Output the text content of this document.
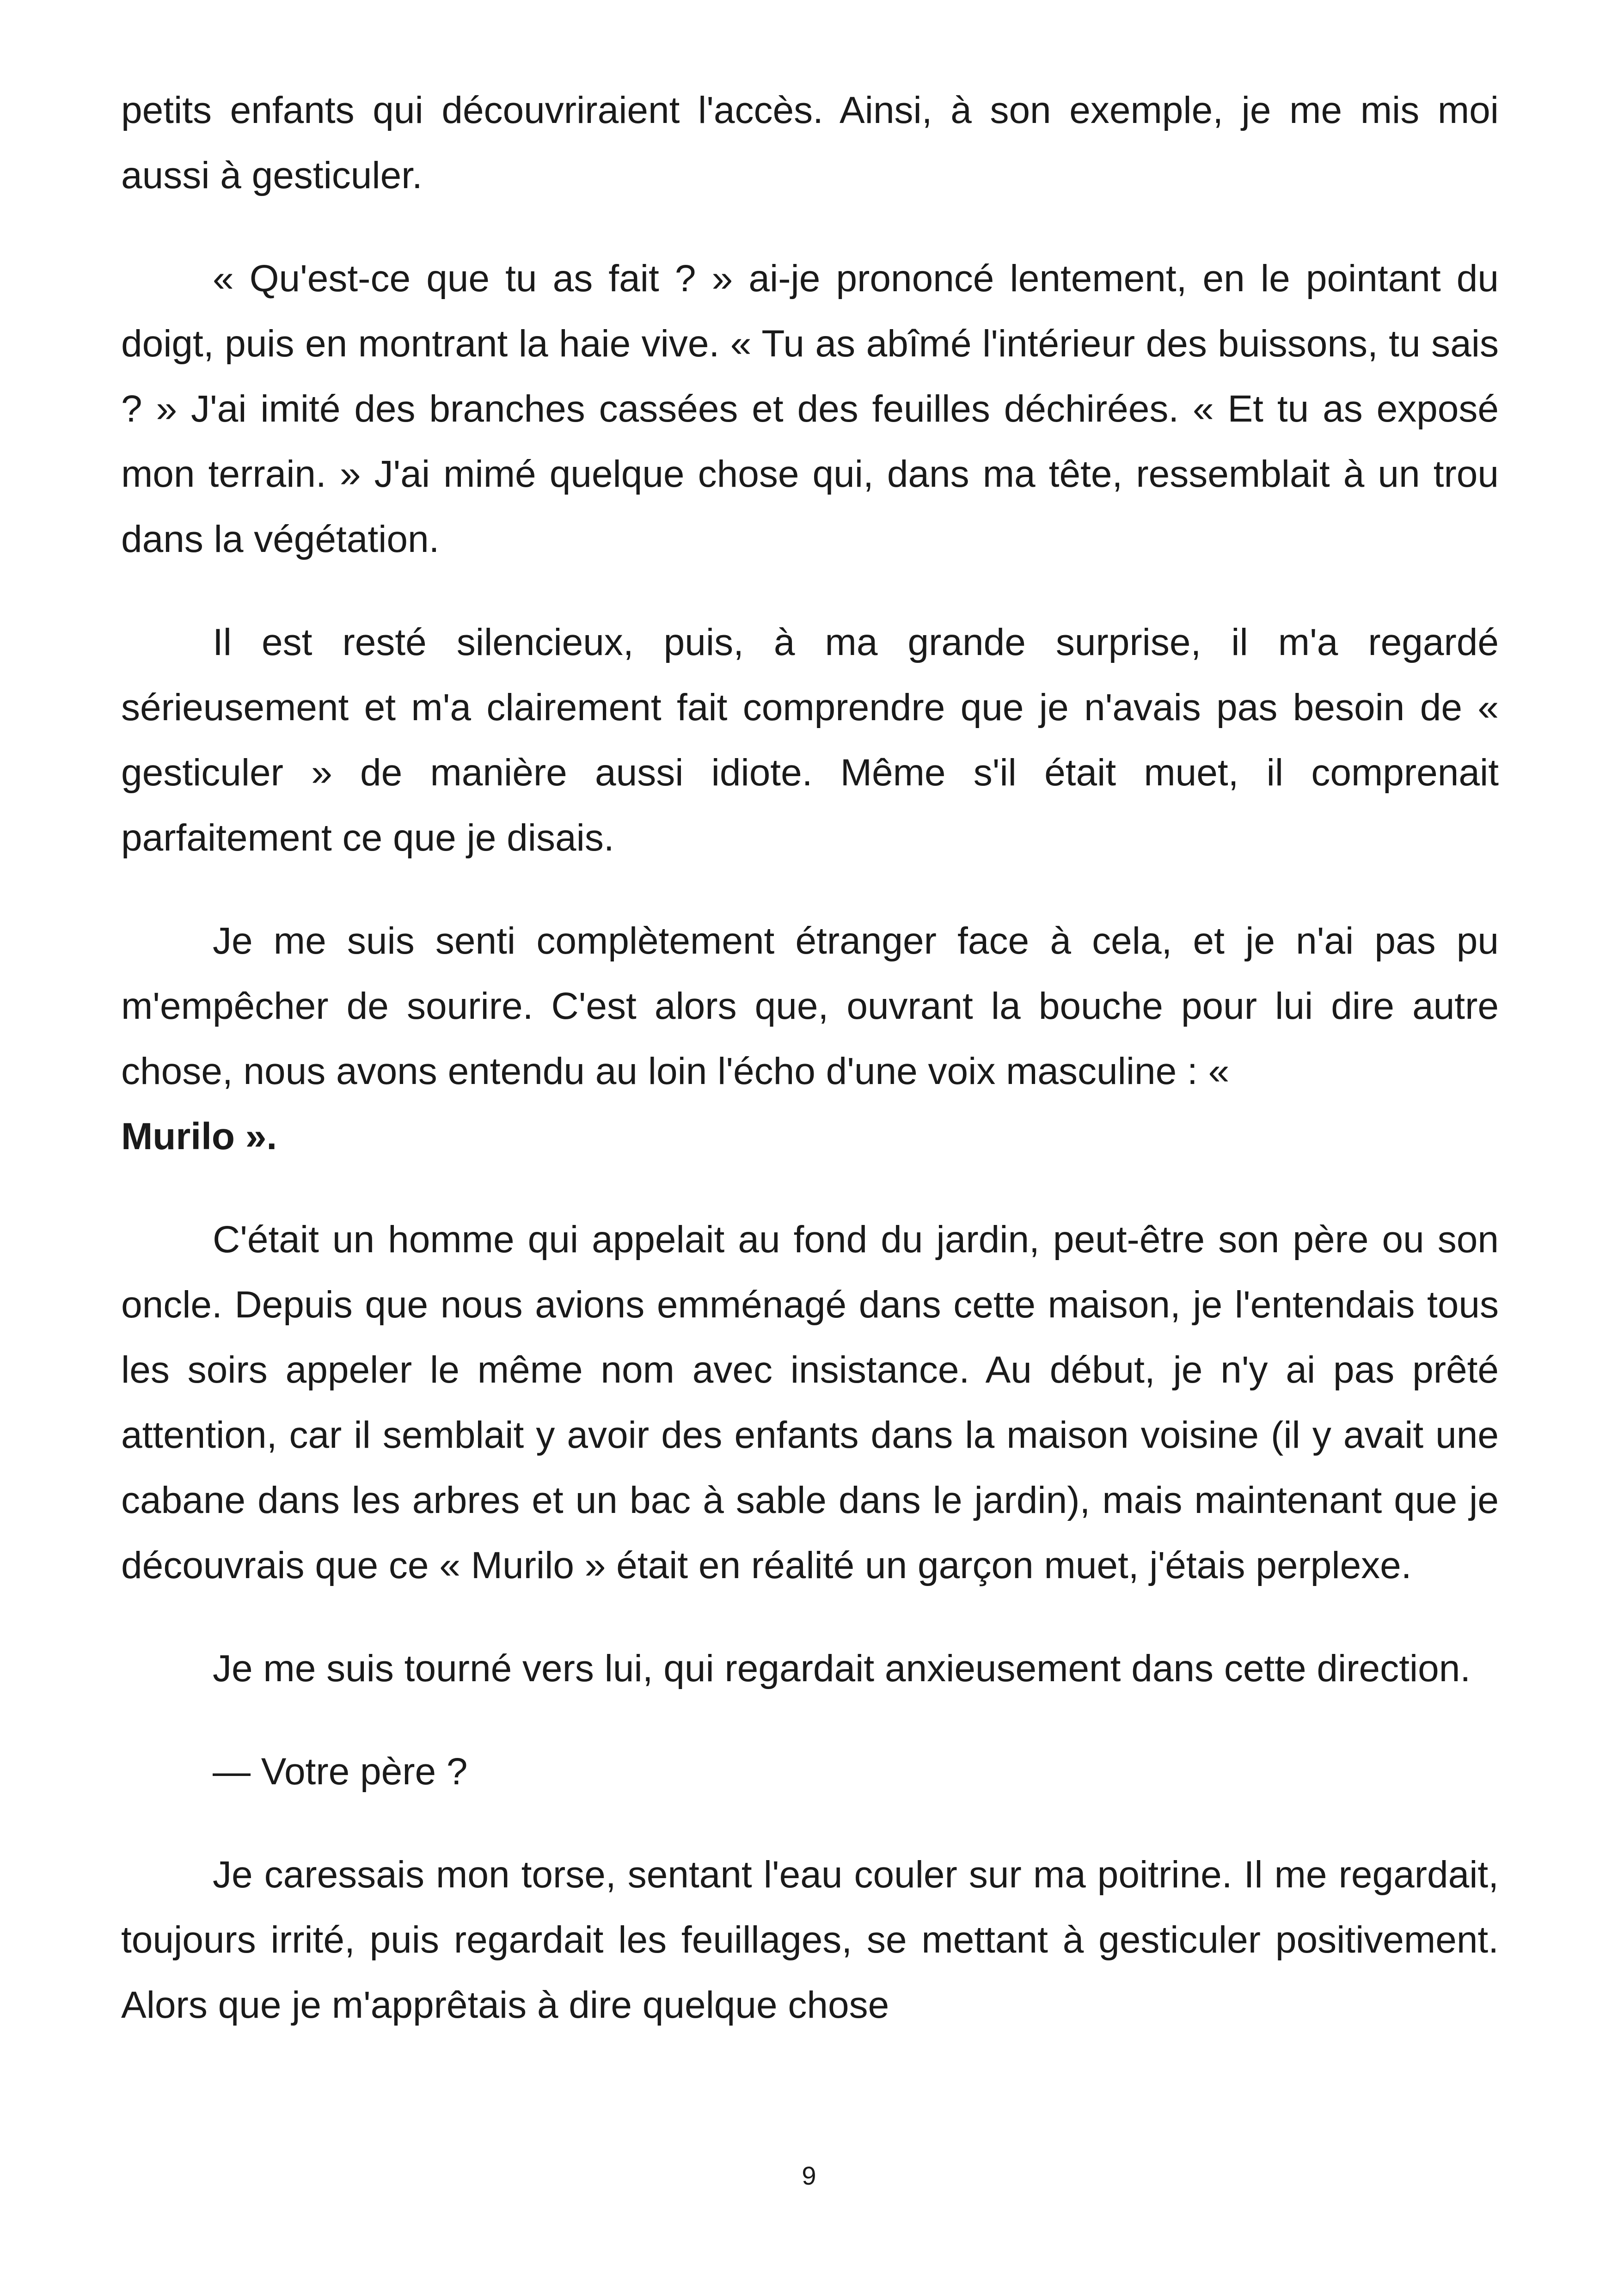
petits enfants qui découvriraient l'accès. Ainsi, à son exemple, je me mis moi aussi à gesticuler.

« Qu'est-ce que tu as fait ? » ai-je prononcé lentement, en le pointant du doigt, puis en montrant la haie vive. « Tu as abîmé l'intérieur des buissons, tu sais ? » J'ai imité des branches cassées et des feuilles déchirées. « Et tu as exposé mon terrain. » J'ai mimé quelque chose qui, dans ma tête, ressemblait à un trou dans la végétation.

Il est resté silencieux, puis, à ma grande surprise, il m'a regardé sérieusement et m'a clairement fait comprendre que je n'avais pas besoin de « gesticuler » de manière aussi idiote. Même s'il était muet, il comprenait parfaitement ce que je disais.

Je me suis senti complètement étranger face à cela, et je n'ai pas pu m'empêcher de sourire. C'est alors que, ouvrant la bouche pour lui dire autre chose, nous avons entendu au loin l'écho d'une voix masculine : «
Murilo ».

C'était un homme qui appelait au fond du jardin, peut-être son père ou son oncle. Depuis que nous avions emménagé dans cette maison, je l'entendais tous les soirs appeler le même nom avec insistance. Au début, je n'y ai pas prêté attention, car il semblait y avoir des enfants dans la maison voisine (il y avait une cabane dans les arbres et un bac à sable dans le jardin), mais maintenant que je découvrais que ce « Murilo » était en réalité un garçon muet, j'étais perplexe.

Je me suis tourné vers lui, qui regardait anxieusement dans cette direction.

— Votre père ?

Je caressais mon torse, sentant l'eau couler sur ma poitrine. Il me regardait, toujours irrité, puis regardait les feuillages, se mettant à gesticuler positivement. Alors que je m'apprêtais à dire quelque chose

9
